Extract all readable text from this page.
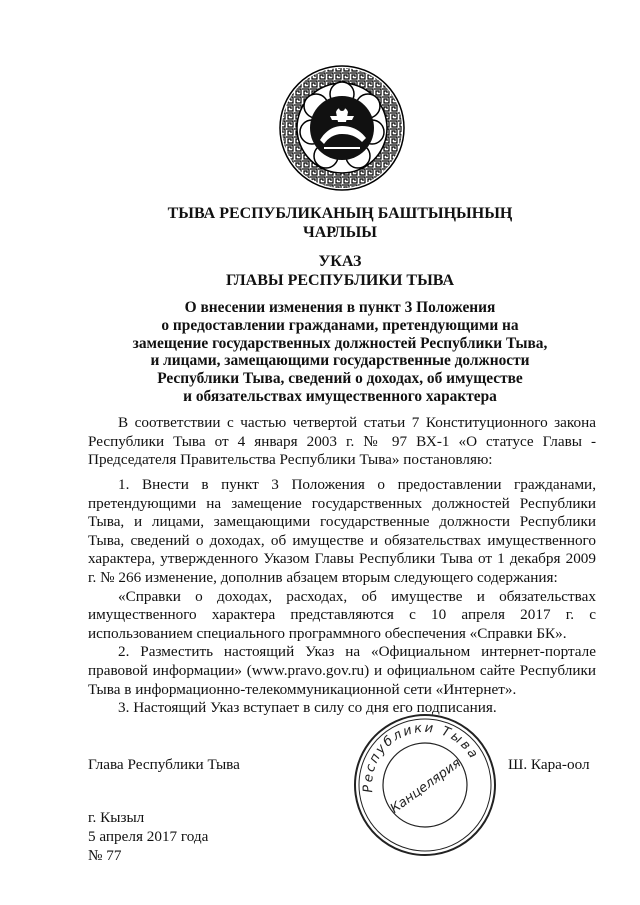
ТЫВА РЕСПУБЛИКАНЫҢ БАШТЫҢЫНЫҢ
ЧАРЛЫЫ
УКАЗ
ГЛАВЫ РЕСПУБЛИКИ ТЫВА
О внесении изменения в пункт 3 Положения
о предоставлении гражданами, претендующими на
замещение государственных должностей Республики Тыва,
и лицами, замещающими государственные должности
Республики Тыва, сведений о доходах, об имуществе
и обязательствах имущественного характера

В соответствии с частью четвертой статьи 7 Конституционного закона Республики Тыва от 4 января 2003 г. № 97 ВХ-1 «О статусе Главы - Председателя Правительства Республики Тыва» постановляю:

1. Внести в пункт 3 Положения о предоставлении гражданами, претендующими на замещение государственных должностей Республики Тыва, и лицами, замещающими государственные должности Республики Тыва, сведений о доходах, об имуществе и обязательствах имущественного характера, утвержденного Указом Главы Республики Тыва от 1 декабря 2009 г. № 266 изменение, дополнив абзацем вторым следующего содержания:

«Справки о доходах, расходах, об имуществе и обязательствах имущественного характера представляются с 10 апреля 2017 г. с использованием специального программного обеспечения «Справки БК».

2. Разместить настоящий Указ на «Официальном интернет-портале правовой информации» (www.pravo.gov.ru) и официальном сайте Республики Тыва в информационно-телекоммуникационной сети «Интернет».

3. Настоящий Указ вступает в силу со дня его подписания.

Республики Тыва
Канцелярия
Глава Республики Тыва	Ш. Кара-оол
г. Кызыл
5 апреля 2017 года
№ 77
